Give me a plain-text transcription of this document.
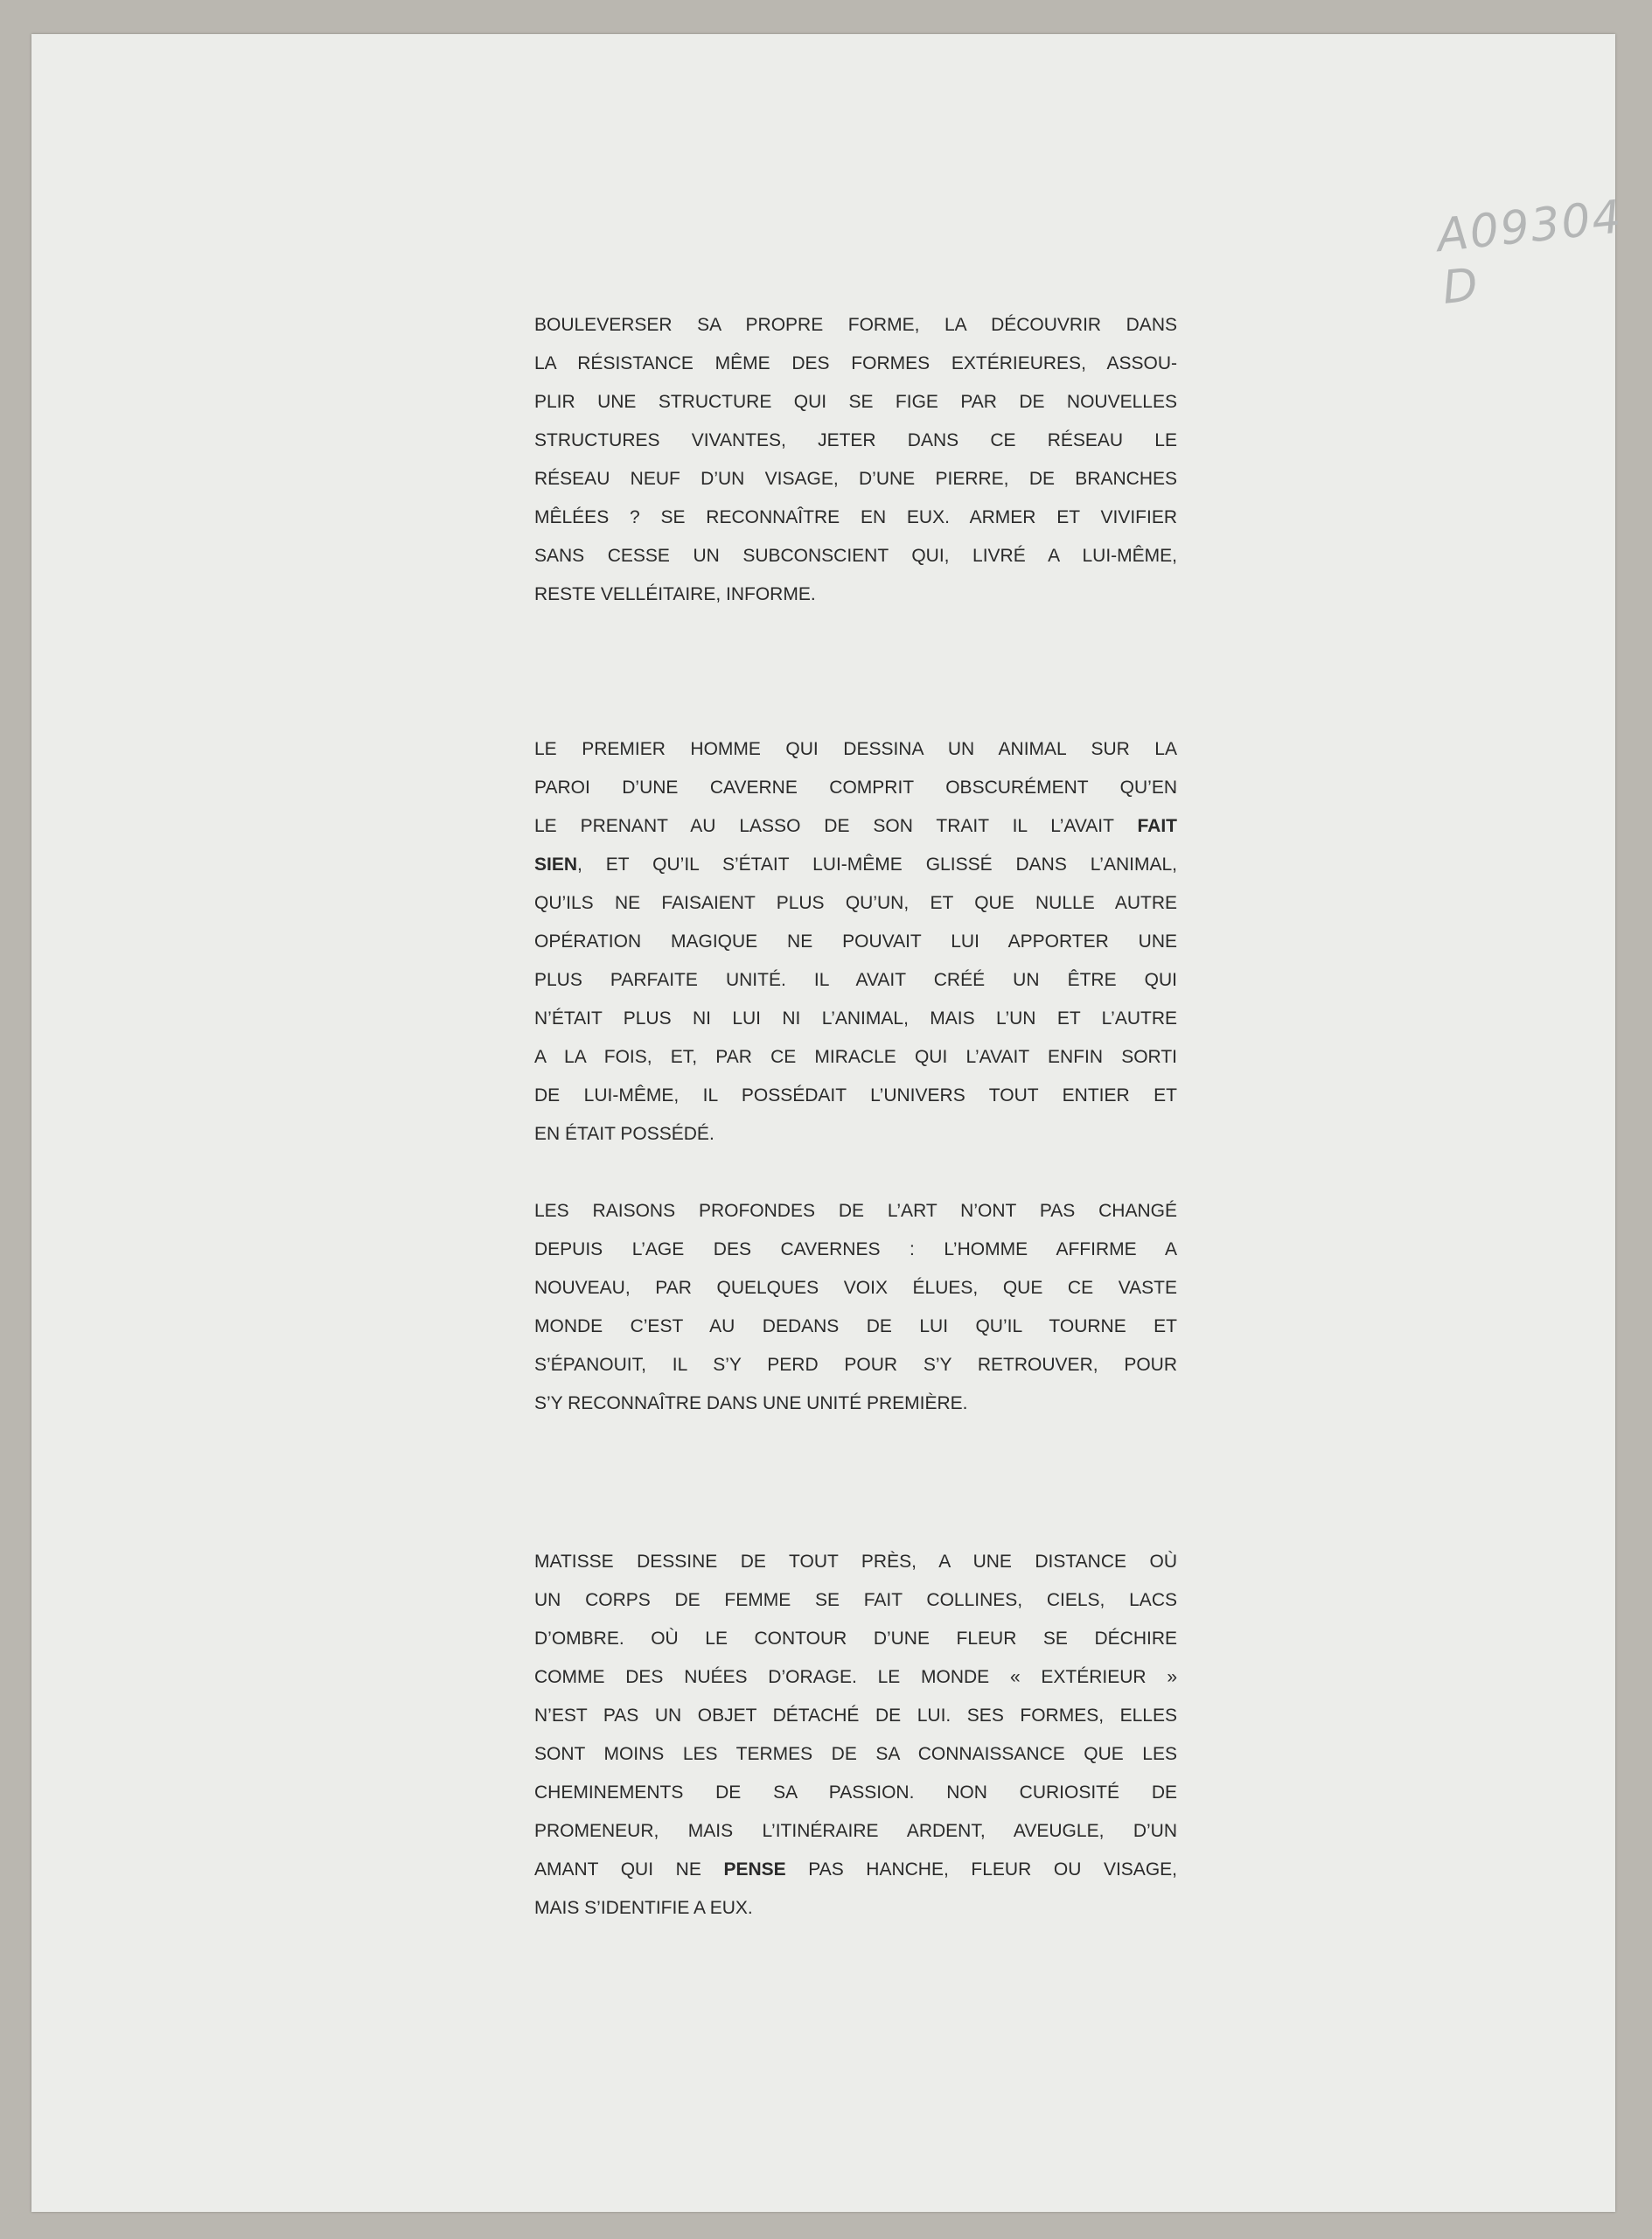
A09304 D
BOULEVERSER SA PROPRE FORME, LA DÉCOUVRIR DANS
LA RÉSISTANCE MÊME DES FORMES EXTÉRIEURES, ASSOU-
PLIR UNE STRUCTURE QUI SE FIGE PAR DE NOUVELLES
STRUCTURES VIVANTES, JETER DANS CE RÉSEAU LE
RÉSEAU NEUF D’UN VISAGE, D’UNE PIERRE, DE BRANCHES
MÊLÉES ? SE RECONNAÎTRE EN EUX. ARMER ET VIVIFIER
SANS CESSE UN SUBCONSCIENT QUI, LIVRÉ A LUI-MÊME,
RESTE VELLÉITAIRE, INFORME.
LE PREMIER HOMME QUI DESSINA UN ANIMAL SUR LA
PAROI D’UNE CAVERNE COMPRIT OBSCURÉMENT QU’EN
LE PRENANT AU LASSO DE SON TRAIT IL L’AVAIT FAIT
SIEN, ET QU’IL S’ÉTAIT LUI-MÊME GLISSÉ DANS L’ANIMAL,
QU’ILS NE FAISAIENT PLUS QU’UN, ET QUE NULLE AUTRE
OPÉRATION MAGIQUE NE POUVAIT LUI APPORTER UNE
PLUS PARFAITE UNITÉ. IL AVAIT CRÉÉ UN ÊTRE QUI
N’ÉTAIT PLUS NI LUI NI L’ANIMAL, MAIS L’UN ET L’AUTRE
A LA FOIS, ET, PAR CE MIRACLE QUI L’AVAIT ENFIN SORTI
DE LUI-MÊME, IL POSSÉDAIT L’UNIVERS TOUT ENTIER ET
EN ÉTAIT POSSÉDÉ.
LES RAISONS PROFONDES DE L’ART N’ONT PAS CHANGÉ
DEPUIS L’AGE DES CAVERNES : L’HOMME AFFIRME A
NOUVEAU, PAR QUELQUES VOIX ÉLUES, QUE CE VASTE
MONDE C’EST AU DEDANS DE LUI QU’IL TOURNE ET
S’ÉPANOUIT, IL S’Y PERD POUR S’Y RETROUVER, POUR
S’Y RECONNAÎTRE DANS UNE UNITÉ PREMIÈRE.
MATISSE DESSINE DE TOUT PRÈS, A UNE DISTANCE OÙ
UN CORPS DE FEMME SE FAIT COLLINES, CIELS, LACS
D’OMBRE. OÙ LE CONTOUR D’UNE FLEUR SE DÉCHIRE
COMME DES NUÉES D’ORAGE. LE MONDE « EXTÉRIEUR »
N’EST PAS UN OBJET DÉTACHÉ DE LUI. SES FORMES, ELLES
SONT MOINS LES TERMES DE SA CONNAISSANCE QUE LES
CHEMINEMENTS DE SA PASSION. NON CURIOSITÉ DE
PROMENEUR, MAIS L’ITINÉRAIRE ARDENT, AVEUGLE, D’UN
AMANT QUI NE PENSE PAS HANCHE, FLEUR OU VISAGE,
MAIS S’IDENTIFIE A EUX.
